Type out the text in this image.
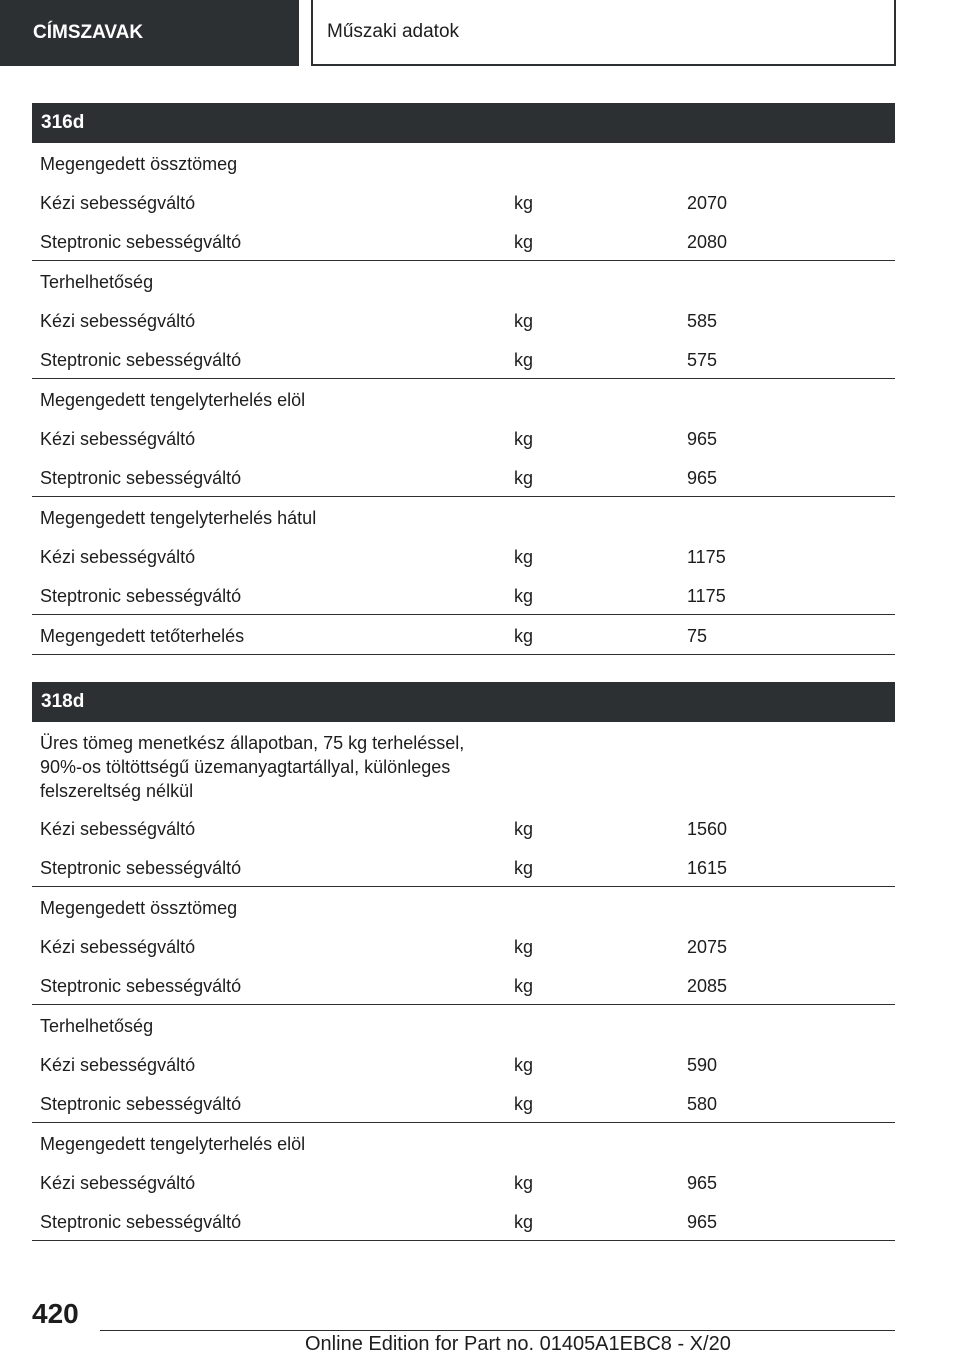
CÍMSZAVAK	Műszaki adatok
316d
Megengedett össztömeg
Kézi sebességváltó	kg	2070
Steptronic sebességváltó	kg	2080
Terhelhetőség
Kézi sebességváltó	kg	585
Steptronic sebességváltó	kg	575
Megengedett tengelyterhelés elöl
Kézi sebességváltó	kg	965
Steptronic sebességváltó	kg	965
Megengedett tengelyterhelés hátul
Kézi sebességváltó	kg	1175
Steptronic sebességváltó	kg	1175
Megengedett tetőterhelés	kg	75
318d
Üres tömeg menetkész állapotban, 75 kg terheléssel, 90%-os töltöttségű üzemanyagtartállyal, különleges felszereltség nélkül
Kézi sebességváltó	kg	1560
Steptronic sebességváltó	kg	1615
Megengedett össztömeg
Kézi sebességváltó	kg	2075
Steptronic sebességváltó	kg	2085
Terhelhetőség
Kézi sebességváltó	kg	590
Steptronic sebességváltó	kg	580
Megengedett tengelyterhelés elöl
Kézi sebességváltó	kg	965
Steptronic sebességváltó	kg	965
420
Online Edition for Part no. 01405A1EBC8 - X/20
